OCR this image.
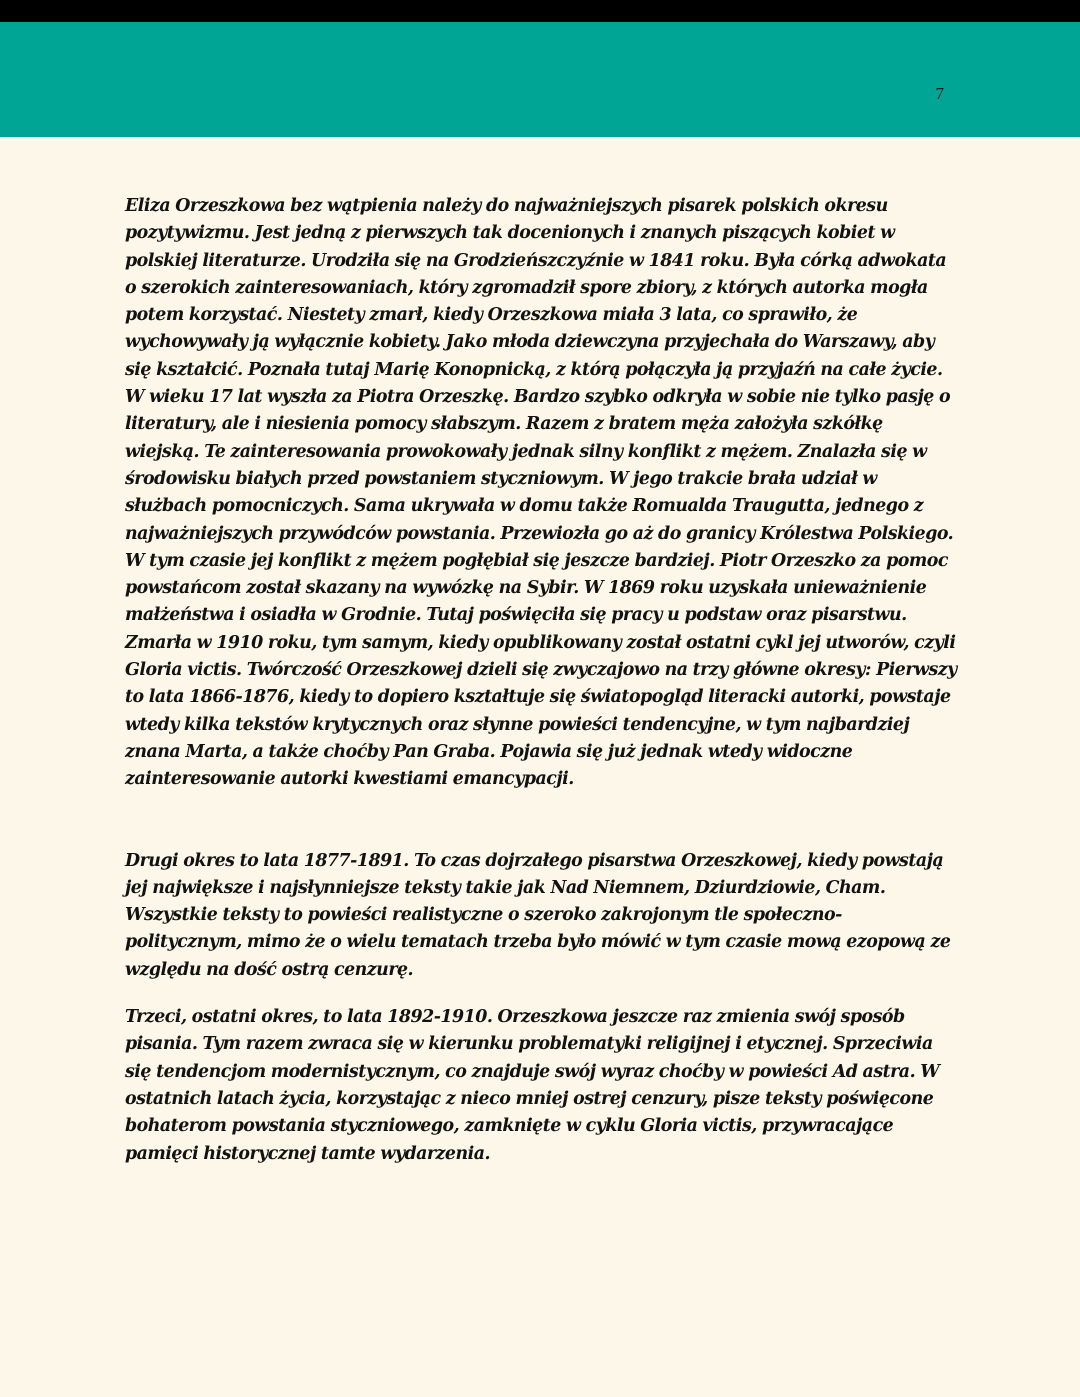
7

Eliza Orzeszkowa bez wątpienia należy do najważniejszych pisarek polskich okresu pozytywizmu. Jest jedną z pierwszych tak docenionych i znanych piszących kobiet w polskiej literaturze. Urodziła się na Grodzieńszczyźnie w 1841 roku. Była córką adwokata o szerokich zainteresowaniach, który zgromadził spore zbiory, z których autorka mogła potem korzystać. Niestety zmarł, kiedy Orzeszkowa miała 3 lata, co sprawiło, że wychowywały ją wyłącznie kobiety. Jako młoda dziewczyna przyjechała do Warszawy, aby się kształcić. Poznała tutaj Marię Konopnicką, z którą połączyła ją przyjaźń na całe życie. W wieku 17 lat wyszła za Piotra Orzeszkę. Bardzo szybko odkryła w sobie nie tylko pasję o literatury, ale i niesienia pomocy słabszym. Razem z bratem męża założyła szkółkę wiejską. Te zainteresowania prowokowały jednak silny konflikt z mężem. Znalazła się w środowisku białych przed powstaniem styczniowym. W jego trakcie brała udział w służbach pomocniczych. Sama ukrywała w domu także Romualda Traugutta, jednego z najważniejszych przywódców powstania. Przewiozła go aż do granicy Królestwa Polskiego. W tym czasie jej konflikt z mężem pogłębiał się jeszcze bardziej. Piotr Orzeszko za pomoc powstańcom został skazany na wywózkę na Sybir. W 1869 roku uzyskała unieważnienie małżeństwa i osiadła w Grodnie. Tutaj poświęciła się pracy u podstaw oraz pisarstwu. Zmarła w 1910 roku, tym samym, kiedy opublikowany został ostatni cykl jej utworów, czyli Gloria victis. Twórczość Orzeszkowej dzieli się zwyczajowo na trzy główne okresy: Pierwszy to lata 1866-1876, kiedy to dopiero kształtuje się światopogląd literacki autorki, powstaje wtedy kilka tekstów krytycznych oraz słynne powieści tendencyjne, w tym najbardziej znana Marta, a także choćby Pan Graba. Pojawia się już jednak wtedy widoczne zainteresowanie autorki kwestiami emancypacji.

Drugi okres to lata 1877-1891. To czas dojrzałego pisarstwa Orzeszkowej, kiedy powstają jej największe i najsłynniejsze teksty takie jak Nad Niemnem, Dziurdziowie, Cham. Wszystkie teksty to powieści realistyczne o szeroko zakrojonym tle społeczno-politycznym, mimo że o wielu tematach trzeba było mówić w tym czasie mową ezopową ze względu na dość ostrą cenzurę.

Trzeci, ostatni okres, to lata 1892-1910. Orzeszkowa jeszcze raz zmienia swój sposób pisania. Tym razem zwraca się w kierunku problematyki religijnej i etycznej. Sprzeciwia się tendencjom modernistycznym, co znajduje swój wyraz choćby w powieści Ad astra. W ostatnich latach życia, korzystając z nieco mniej ostrej cenzury, pisze teksty poświęcone bohaterom powstania styczniowego, zamknięte w cyklu Gloria victis, przywracające pamięci historycznej tamte wydarzenia.
